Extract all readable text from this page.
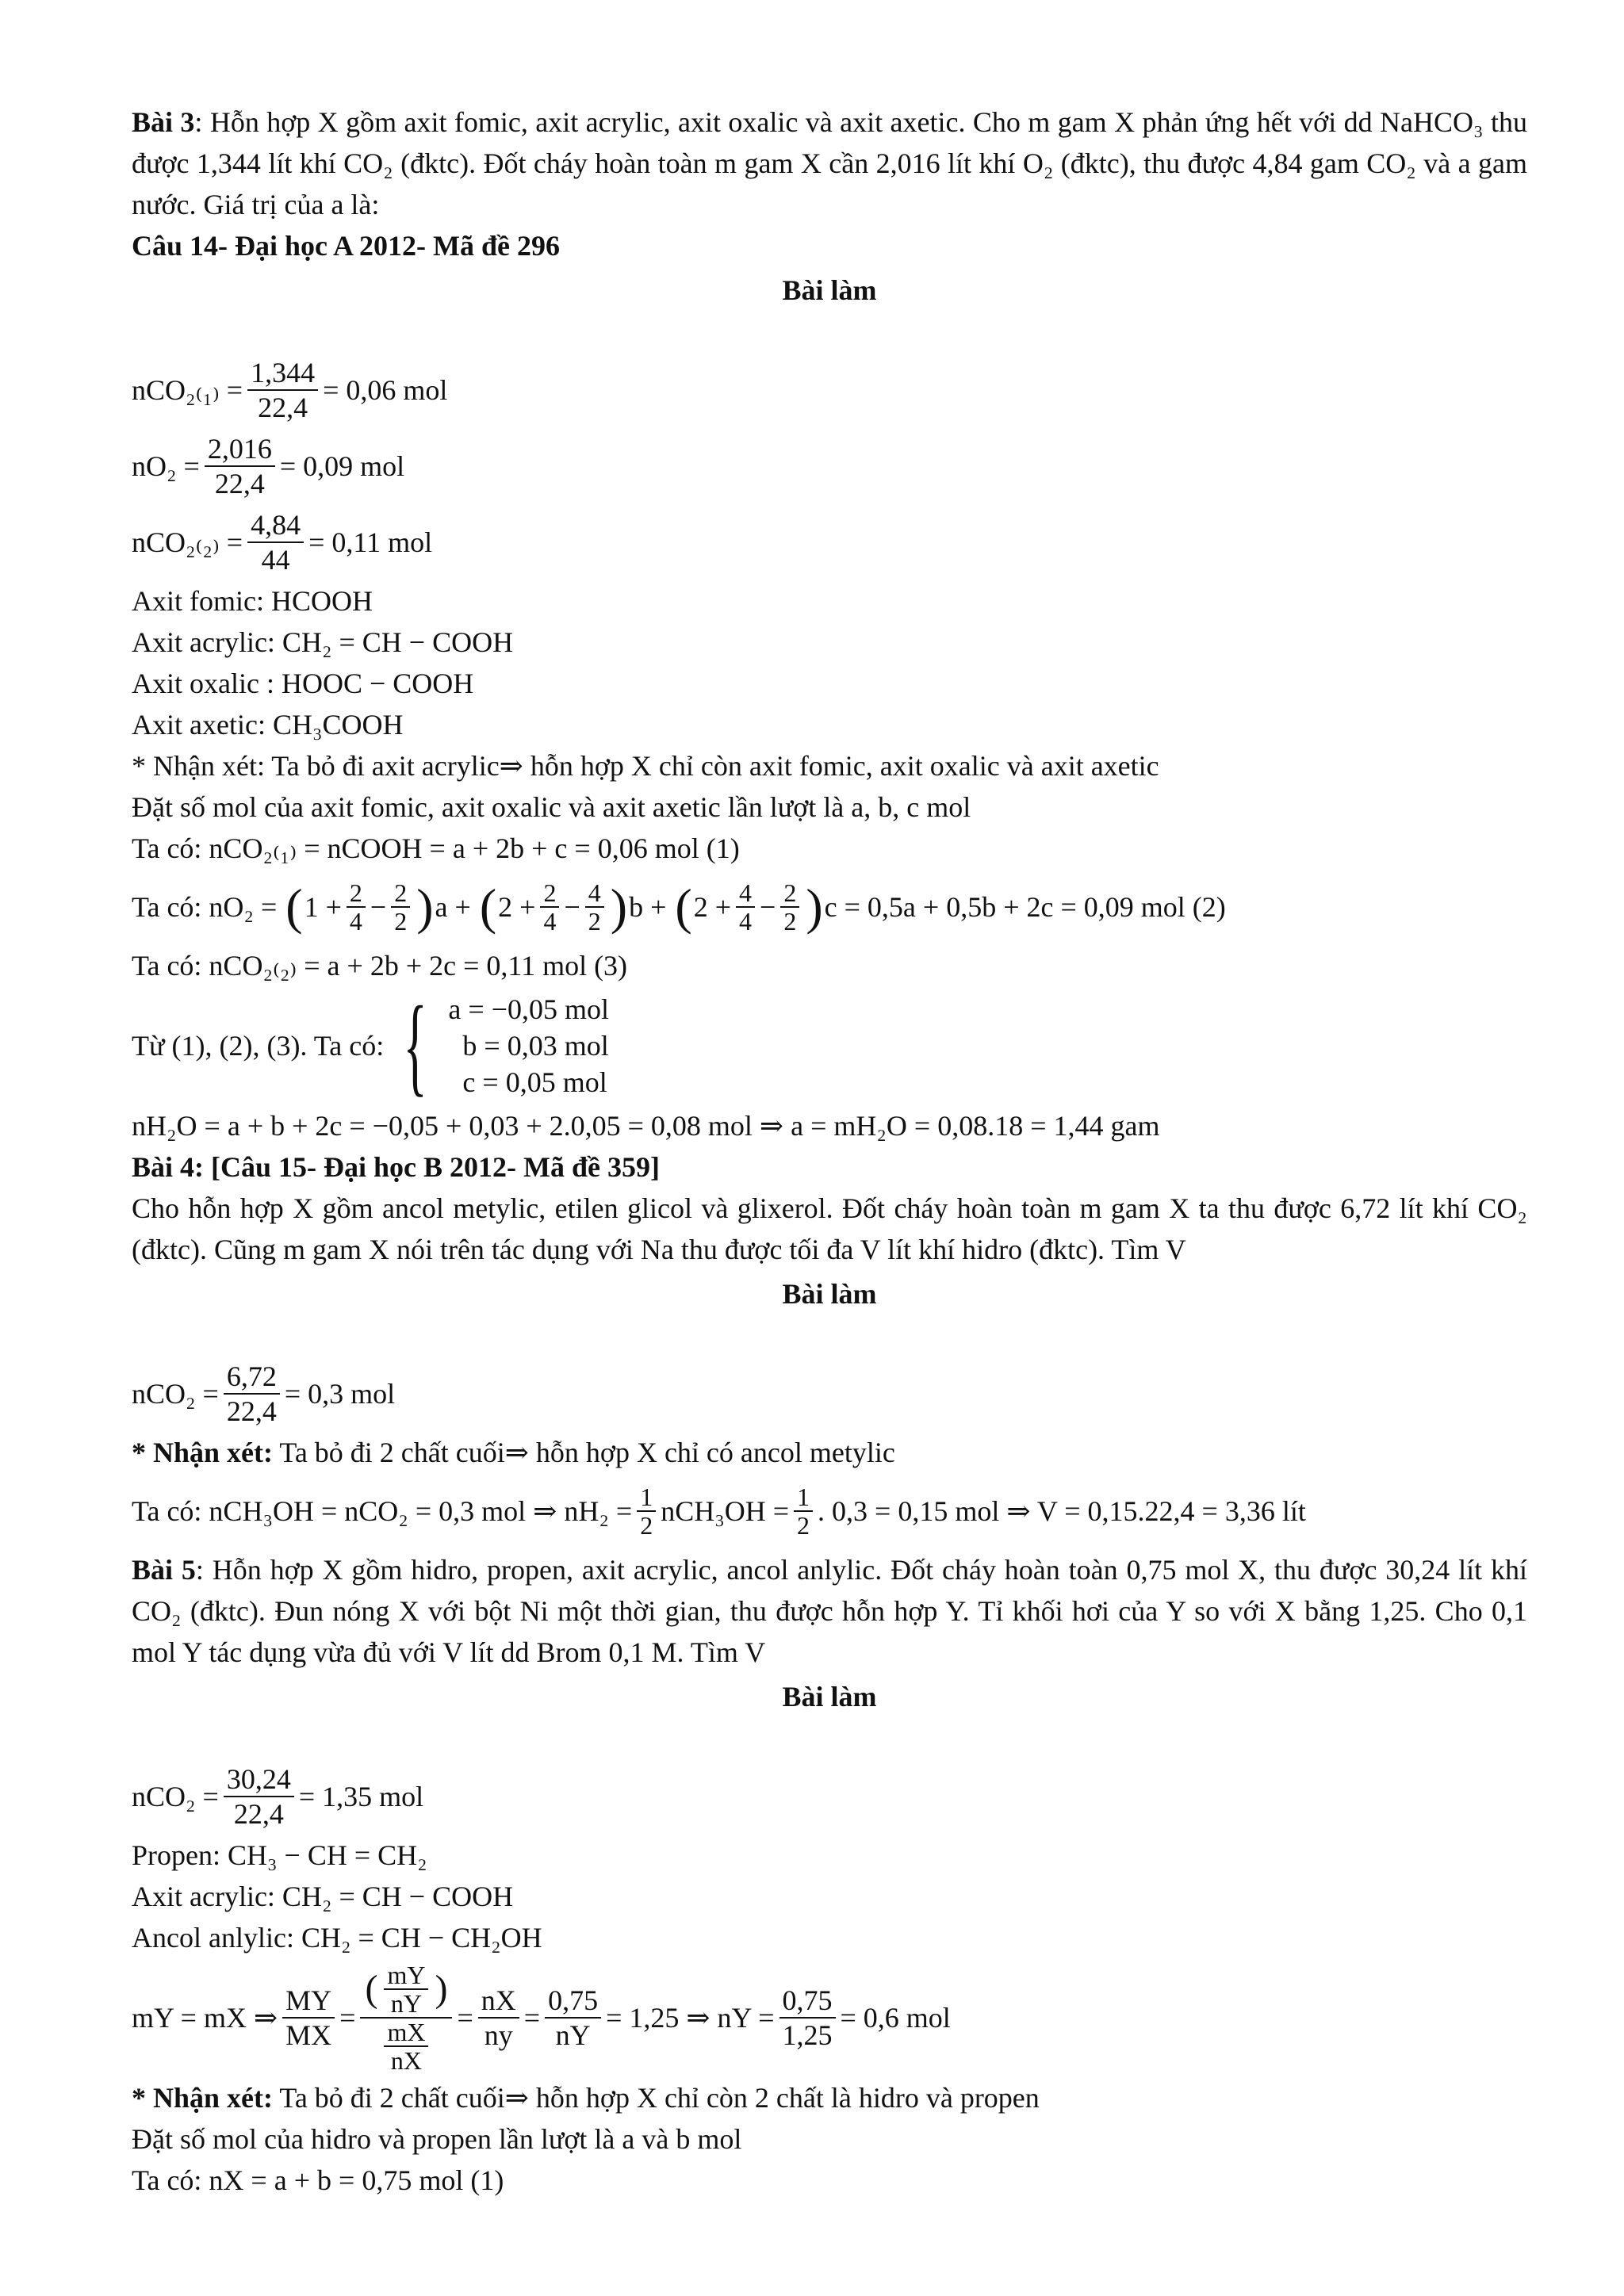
Bài 3: Hỗn hợp X gồm axit fomic, axit acrylic, axit oxalic và axit axetic. Cho m gam X phản ứng hết với dd NaHCO₃ thu được 1,344 lít khí CO₂ (đktc). Đốt cháy hoàn toàn m gam X cần 2,016 lít khí O₂ (đktc), thu được 4,84 gam CO₂ và a gam nước. Giá trị của a là:

Câu 14- Đại học A 2012- Mã đề 296

Bài làm

$nCO_{2(1)} = \frac{1,344}{22,4} = 0,06$ mol
$nO_2 = \frac{2,016}{22,4} = 0,09$ mol
$nCO_{2(2)} = \frac{4,84}{44} = 0,11$ mol

Axit fomic: HCOOH

Axit acrylic: CH₂ = CH − COOH

Axit oxalic : HOOC − COOH

Axit axetic: CH₃COOH

* Nhận xét: Ta bỏ đi axit acrylic⇒ hỗn hợp X chỉ còn axit fomic, axit oxalic và axit axetic

Đặt số mol của axit fomic, axit oxalic và axit axetic lần lượt là a, b, c mol

Ta có: nCO₂₍₁₎ = nCOOH = a + 2b + c = 0,06 mol (1)

Ta có: nO₂ =
( $1 + \frac{2}{4} - \frac{2}{2}$ ) a +
( $2 + \frac{2}{4} - \frac{4}{2}$ ) b +
( $2 + \frac{4}{4} - \frac{2}{2}$ ) c = 0,5a + 0,5b + 2c = 0,09 mol (2)

Ta có: nCO₂₍₂₎ = a + 2b + 2c = 0,11 mol (3)

Từ (1), (2), (3). Ta có: { a = −0,05 mol
b = 0,03 mol
c = 0,05 mol

nH₂O = a + b + 2c = −0,05 + 0,03 + 2.0,05 = 0,08 mol ⇒ a = mH₂O = 0,08.18 = 1,44 gam

Bài 4: [Câu 15- Đại học B 2012- Mã đề 359]

Cho hỗn hợp X gồm ancol metylic, etilen glicol và glixerol. Đốt cháy hoàn toàn m gam X ta thu được 6,72 lít khí CO₂ (đktc). Cũng m gam X nói trên tác dụng với Na thu được tối đa V lít khí hidro (đktc). Tìm V

Bài làm

$nCO_2 = \frac{6,72}{22,4} = 0,3$ mol

* Nhận xét: Ta bỏ đi 2 chất cuối⇒ hỗn hợp X chỉ có ancol metylic

Ta có: nCH₃OH = nCO₂ = 0,3 mol ⇒ $nH_2 = \frac{1}{2} nCH_3OH = \frac{1}{2}$ . 0,3 = 0,15 mol ⇒ V = 0,15.22,4 = 3,36 lít

Bài 5: Hỗn hợp X gồm hidro, propen, axit acrylic, ancol anlylic. Đốt cháy hoàn toàn 0,75 mol X, thu được 30,24 lít khí CO₂ (đktc). Đun nóng X với bột Ni một thời gian, thu được hỗn hợp Y. Tỉ khối hơi của Y so với X bằng 1,25. Cho 0,1 mol Y tác dụng vừa đủ với V lít dd Brom 0,1 M. Tìm V

Bài làm

$nCO_2 = \frac{30,24}{22,4} = 1,35$ mol

Propen: CH₃ − CH = CH₂

Axit acrylic: CH₂ = CH − COOH

Ancol anlylic: CH₂ = CH − CH₂OH

mY = mX ⇒ $\frac{MY}{MX} = \frac{( \frac{mY}{nY} )}{\frac{mX}{nX}} = \frac{nX}{ny} = \frac{0,75}{nY} = 1,25$ ⇒ nY = $\frac{0,75}{1,25} = 0,6$ mol

* Nhận xét: Ta bỏ đi 2 chất cuối⇒ hỗn hợp X chỉ còn 2 chất là hidro và propen

Đặt số mol của hidro và propen lần lượt là a và b mol

Ta có: nX = a + b = 0,75 mol (1)
